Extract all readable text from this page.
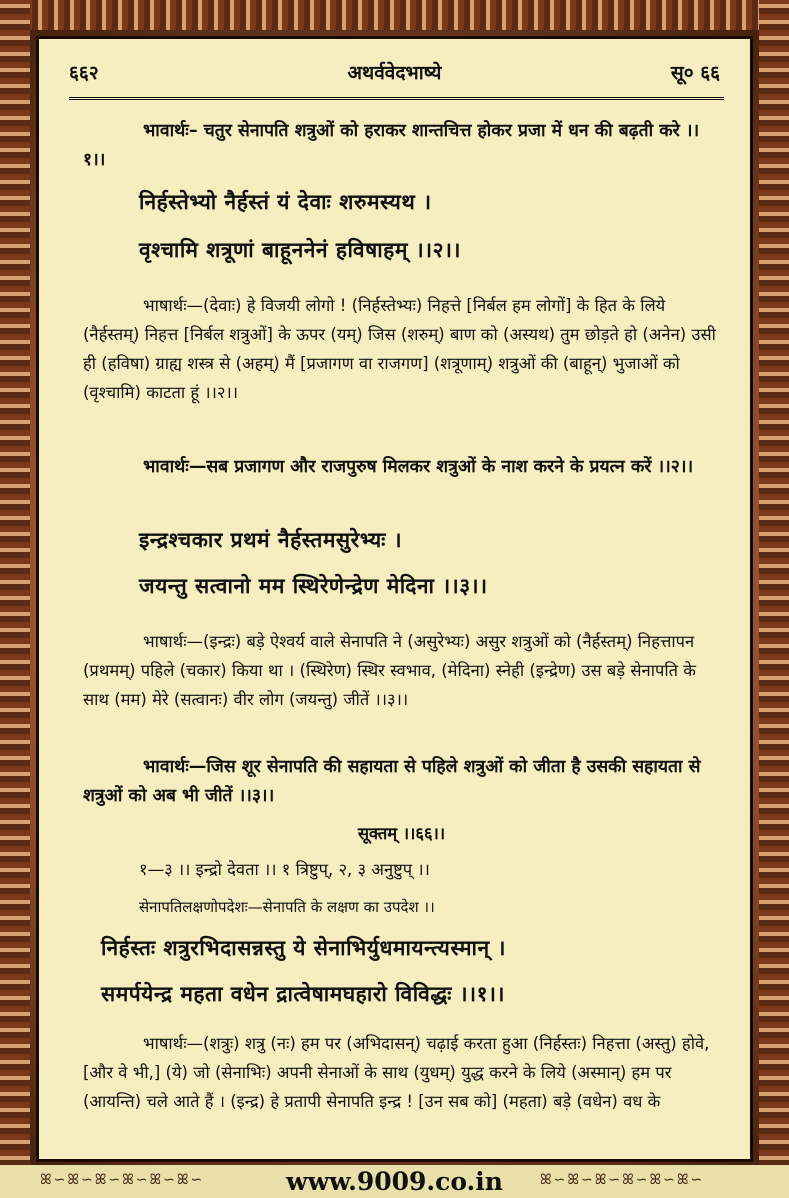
६६२	अथर्ववेदभाष्ये	सू० ६६
भावार्थः– चतुर सेनापति शत्रुओं को हराकर शान्तचित्त होकर प्रजा में धन की बढ़ती करे ।।१।।
निर्हस्तेभ्यो नैर्हस्तं यं देवाः शरुमस्यथ ।
वृश्चामि शत्रूणां बाहूननेनं हविषाहम् ।।२।।
भाषार्थः—(देवाः) हे विजयी लोगो ! (निर्हस्तेभ्यः) निहत्ते [निर्बल हम लोगों] के हित के लिये (नैर्हस्तम्) निहत्त [निर्बल शत्रुओं] के ऊपर (यम्) जिस (शरुम्) बाण को (अस्यथ) तुम छोड़ते हो (अनेन) उसी ही (हविषा) ग्राह्य शस्त्र से (अहम्) मैं [प्रजागण वा राजगण] (शत्रूणाम्) शत्रुओं की (बाहून्) भुजाओं को (वृश्चामि) काटता हूं ।।२।।
भावार्थः—सब प्रजागण और राजपुरुष मिलकर शत्रुओं के नाश करने के प्रयत्न करें ।।२।।
इन्द्रश्चकार प्रथमं नैर्हस्तमसुरेभ्यः ।
जयन्तु सत्वानो मम स्थिरेणेन्द्रेण मेदिना ।।३।।
भाषार्थः—(इन्द्रः) बड़े ऐश्वर्य वाले सेनापति ने (असुरेभ्यः) असुर शत्रुओं को (नैर्हस्तम्) निहत्तापन (प्रथमम्) पहिले (चकार) किया था । (स्थिरेण) स्थिर स्वभाव, (मेदिना) स्नेही (इन्द्रेण) उस बड़े सेनापति के साथ (मम) मेरे (सत्वानः) वीर लोग (जयन्तु) जीतें ।।३।।
भावार्थः—जिस शूर सेनापति की सहायता से पहिले शत्रुओं को जीता है उसकी सहायता से शत्रुओं को अब भी जीतें ।।३।।
सूक्तम् ।।६६।।
१—३ ।। इन्द्रो देवता ।। १ त्रिष्टुप्, २, ३ अनुष्टुप् ।।
सेनापतिलक्षणोपदेशः—सेनापति के लक्षण का उपदेश ।।
निर्हस्तः शत्रुरभिदासन्नस्तु ये सेनाभिर्युधमायन्त्यस्मान् ।
समर्पयेन्द्र महता वधेन द्रात्वेषामघहारो विविद्धः ।।१।।
भाषार्थः—(शत्रुः) शत्रु (नः) हम पर (अभिदासन्) चढ़ाई करता हुआ (निर्हस्तः) निहत्ता (अस्तु) होवे, [और वे भी,] (ये) जो (सेनाभिः) अपनी सेनाओं के साथ (युधम्) युद्ध करने के लिये (अस्मान्) हम पर (आयन्ति) चले आते हैं । (इन्द्र) हे प्रतापी सेनापति इन्द्र ! [उन सब को] (महता) बड़े (वधेन) वध के
ꕤ∽ꕤ∽ꕤ∽ꕤ∽ꕤ∽ꕤ∽	ꕤ∽ꕤ∽ꕤ∽ꕤ∽ꕤ∽ꕤ∽
www.9009.co.in
